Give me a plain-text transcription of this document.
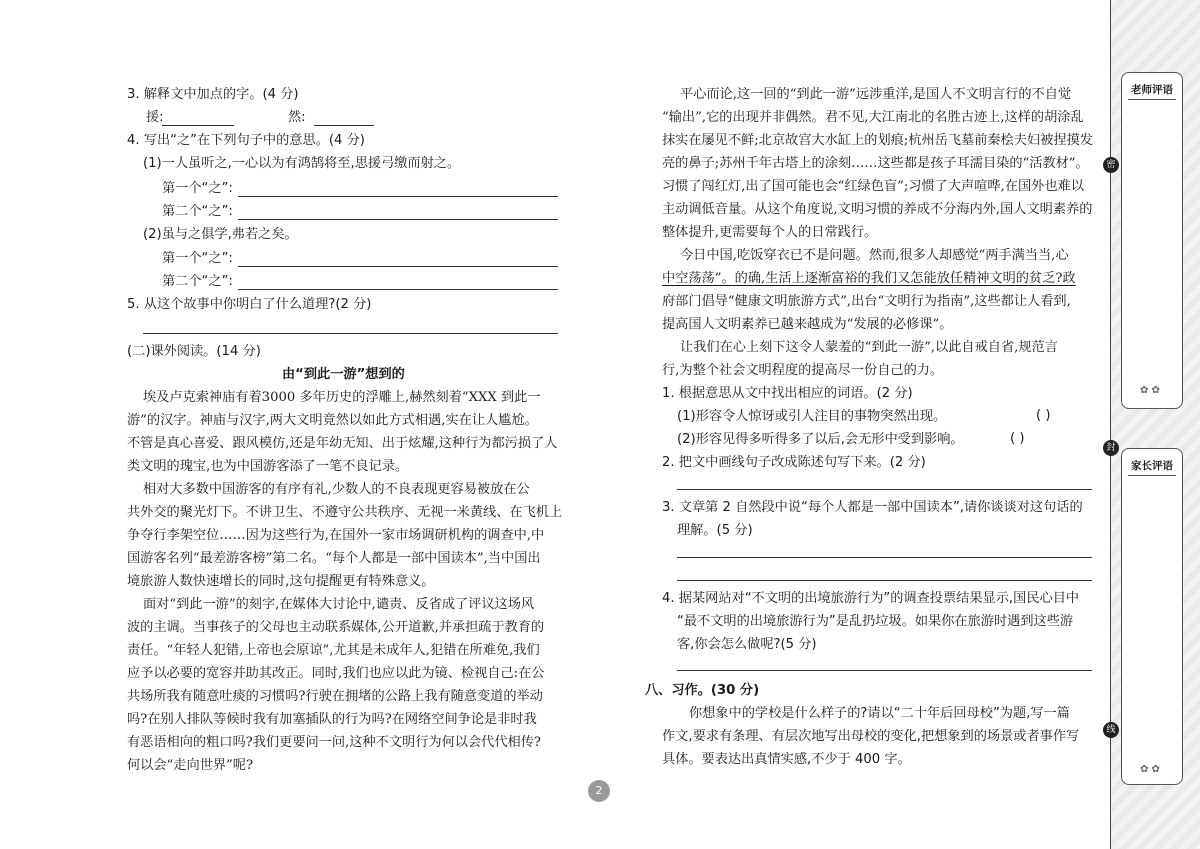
3. 解释文中加点的字。(4 分)
援:	然:
4. 写出“之”在下列句子中的意思。(4 分)
(1)一人虽听之,一心以为有鸿鹄将至,思援弓缴而射之。
第一个“之”:
第二个“之”:
(2)虽与之俱学,弗若之矣。
第一个“之”:
第二个“之”:
5. 从这个故事中你明白了什么道理?(2 分)
(二)课外阅读。(14 分)
由“到此一游”想到的
埃及卢克索神庙有着3000 多年历史的浮雕上,赫然刻着“XXX 到此一
游”的汉字。神庙与汉字,两大文明竟然以如此方式相遇,实在让人尴尬。
不管是真心喜爱、跟风模仿,还是年幼无知、出于炫耀,这种行为都污损了人
类文明的瑰宝,也为中国游客添了一笔不良记录。
相对大多数中国游客的有序有礼,少数人的不良表现更容易被放在公
共外交的聚光灯下。不讲卫生、不遵守公共秩序、无视一米黄线、在飞机上
争夺行李架空位……因为这些行为,在国外一家市场调研机构的调查中,中
国游客名列“最差游客榜”第二名。“每个人都是一部中国读本”,当中国出
境旅游人数快速增长的同时,这句提醒更有特殊意义。
面对“到此一游”的刻字,在媒体大讨论中,谴责、反省成了评议这场风
波的主调。当事孩子的父母也主动联系媒体,公开道歉,并承担疏于教育的
责任。“年轻人犯错,上帝也会原谅”,尤其是未成年人,犯错在所难免,我们
应予以必要的宽容并助其改正。同时,我们也应以此为镜、检视自己:在公
共场所我有随意吐痰的习惯吗?行驶在拥堵的公路上我有随意变道的举动
吗?在别人排队等候时我有加塞插队的行为吗?在网络空间争论是非时我
有恶语相向的粗口吗?我们更要问一问,这种不文明行为何以会代代相传?
何以会“走向世界”呢?
平心而论,这一回的“到此一游”远涉重洋,是国人不文明言行的不自觉
“输出”,它的出现并非偶然。君不见,大江南北的名胜古迹上,这样的胡涂乱
抹实在屡见不鲜;北京故宫大水缸上的划痕;杭州岳飞墓前秦桧夫妇被捏摸发
亮的鼻子;苏州千年古塔上的涂刻……这些都是孩子耳濡目染的“活教材”。
习惯了闯红灯,出了国可能也会“红绿色盲”;习惯了大声喧哗,在国外也难以
主动调低音量。从这个角度说,文明习惯的养成不分海内外,国人文明素养的
整体提升,更需要每个人的日常践行。
今日中国,吃饭穿衣已不是问题。然而,很多人却感觉“两手满当当,心
中空荡荡”。的确,生活上逐渐富裕的我们又怎能放任精神文明的贫乏?政
府部门倡导“健康文明旅游方式”,出台“文明行为指南”,这些都让人看到,
提高国人文明素养已越来越成为“发展的必修课”。
让我们在心上刻下这令人蒙羞的“到此一游”,以此自戒自省,规范言
行,为整个社会文明程度的提高尽一份自己的力。
1. 根据意思从文中找出相应的词语。(2 分)
(1)形容令人惊讶或引人注目的事物突然出现。	( )
(2)形容见得多听得多了以后,会无形中受到影响。	( )
2. 把文中画线句子改成陈述句写下来。(2 分)
3. 文章第 2 自然段中说“每个人都是一部中国读本”,请你谈谈对这句话的
理解。(5 分)
4. 据某网站对“不文明的出境旅游行为”的调查投票结果显示,国民心目中
“最不文明的出境旅游行为”是乱扔垃圾。如果你在旅游时遇到这些游
客,你会怎么做呢?(5 分)
八、习作。(30 分)
你想象中的学校是什么样子的?请以“二十年后回母校”为题,写一篇
作文,要求有条理、有层次地写出母校的变化,把想象到的场景或者事作写
具体。要表达出真情实感,不少于 400 字。
2
老师评语
✿ ✿
家长评语
✿ ✿
密
封
线
